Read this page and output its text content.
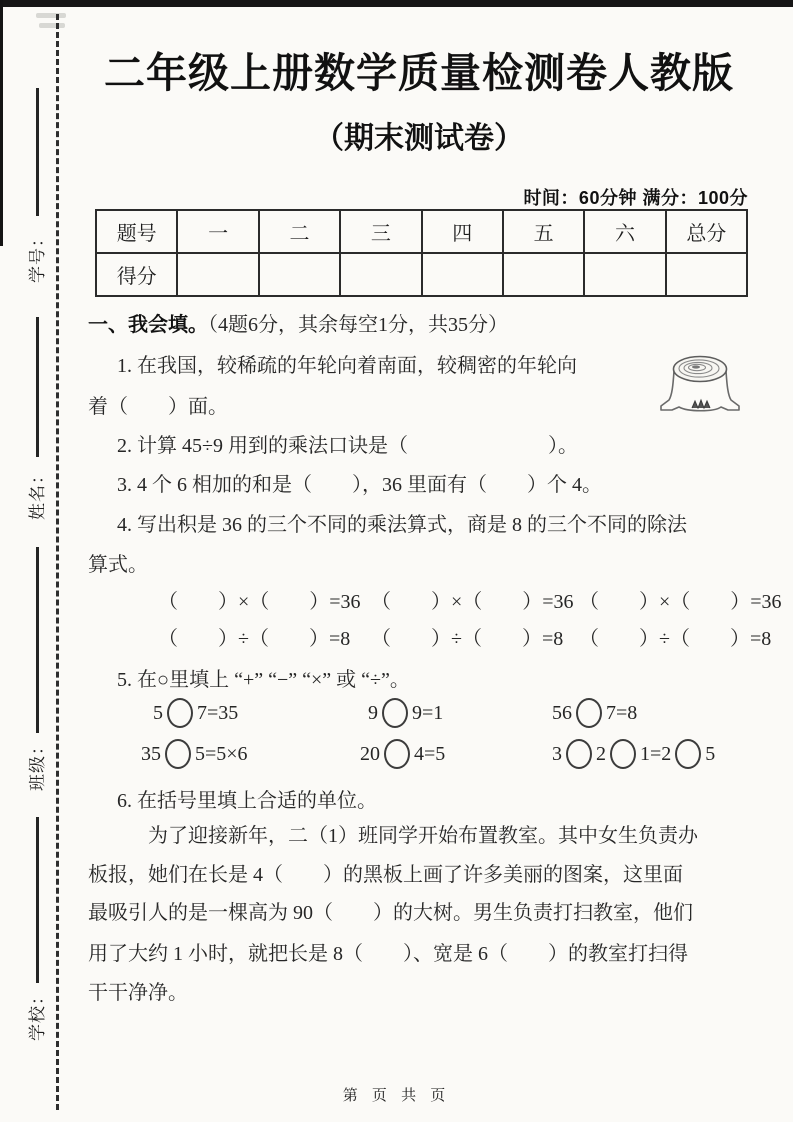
学号：
姓名：
班级：
学校：
二年级上册数学质量检测卷人教版
（期末测试卷）
时间：60分钟 满分：100分
题号	一	二	三	四	五	六	总分
得分							
一、我会填。（4题6分，其余每空1分，共35分）
1. 在我国，较稀疏的年轮向着南面，较稠密的年轮向
着（　　）面。
2. 计算 45÷9 用到的乘法口诀是（　　　　　　　）。
3. 4 个 6 相加的和是（　　），36 里面有（　　）个 4。
4. 写出积是 36 的三个不同的乘法算式，商是 8 的三个不同的除法
算式。
（　　）×（　　）=36 （　　）×（　　）=36 （　　）×（　　）=36
（　　）÷（　　）=8 （　　）÷（　　）=8 （　　）÷（　　）=8
5. 在○里填上 “+” “−” “×” 或 “÷”。
5 7=35	9 9=1	56 7=8
35 5=5×6	20 4=5	3 2 1=2 5
6. 在括号里填上合适的单位。
为了迎接新年，二（1）班同学开始布置教室。其中女生负责办
板报，她们在长是 4（　　）的黑板上画了许多美丽的图案，这里面
最吸引人的是一棵高为 90（　　）的大树。男生负责打扫教室，他们
用了大约 1 小时，就把长是 8（　　）、宽是 6（　　）的教室打扫得
干干净净。
第 页 共 页
